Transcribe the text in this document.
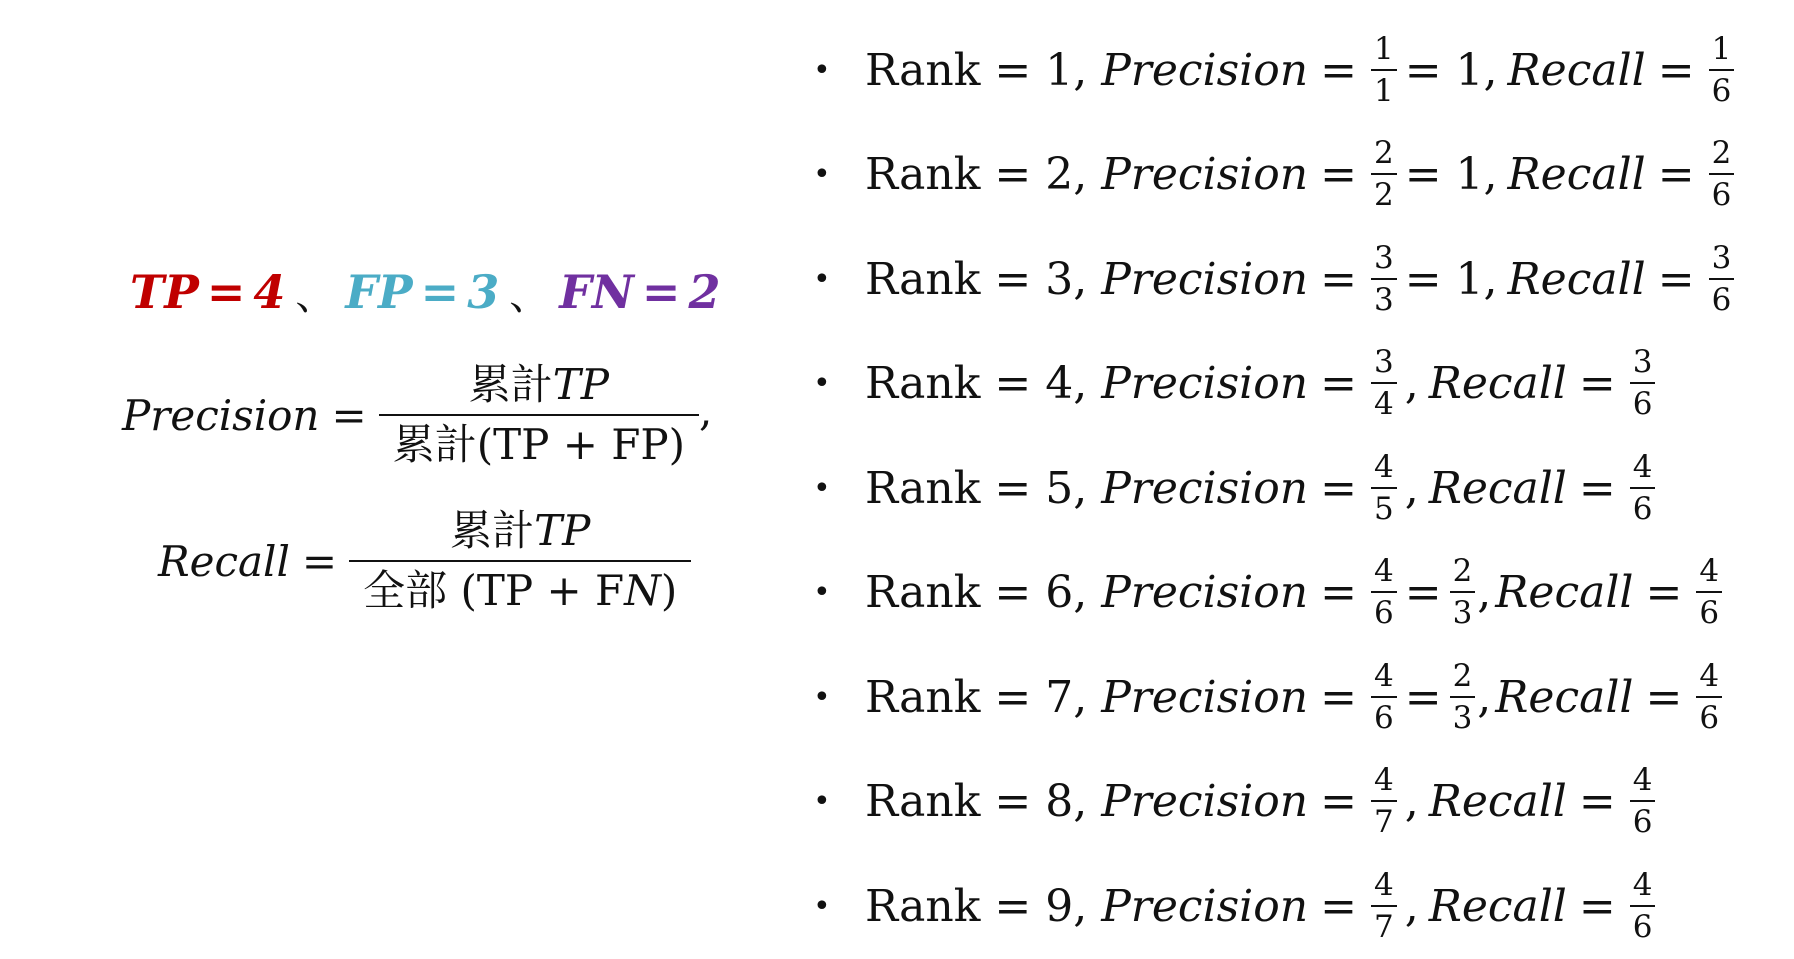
TP = 4 、 FP = 3 、 FN = 2
Precision = $\frac{\text{累計TP}}{\text{累計(TP + FP)}}$ ,
Recall = $\frac{\text{累計TP}}{\text{全部 (TP + FN)}}$
• Rank = 1, Precision = $\frac{1}{1} = 1$, Recall = $\frac{1}{6}$
• Rank = 2, Precision = $\frac{2}{2} = 1$, Recall = $\frac{2}{6}$
• Rank = 3, Precision = $\frac{3}{3} = 1$, Recall = $\frac{3}{6}$
• Rank = 4, Precision = $\frac{3}{4}$ , Recall = $\frac{3}{6}$
• Rank = 5, Precision = $\frac{4}{5}$ , Recall = $\frac{4}{6}$
• Rank = 6, Precision = $\frac{4}{6} = \frac{2}{3}$ , Recall = $\frac{4}{6}$
• Rank = 7, Precision = $\frac{4}{6} = \frac{2}{3}$ , Recall = $\frac{4}{6}$
• Rank = 8, Precision = $\frac{4}{7}$ , Recall = $\frac{4}{6}$
• Rank = 9, Precision = $\frac{4}{7}$ , Recall = $\frac{4}{6}$
